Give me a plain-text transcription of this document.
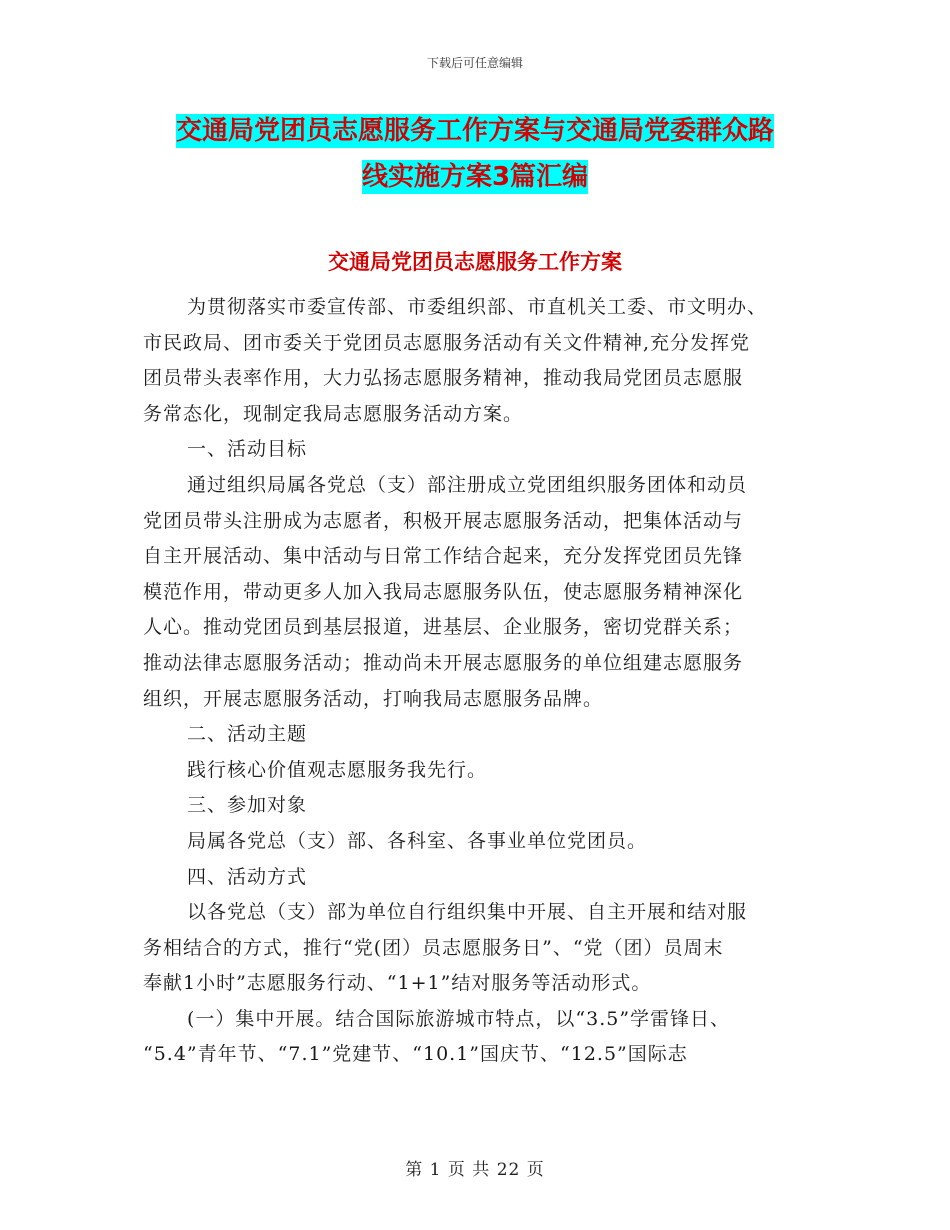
下载后可任意编辑
交通局党团员志愿服务工作方案与交通局党委群众路
线实施方案3篇汇编
交通局党团员志愿服务工作方案
为贯彻落实市委宣传部、市委组织部、市直机关工委、市文明办、
市民政局、团市委关于党团员志愿服务活动有关文件精神,充分发挥党
团员带头表率作用，大力弘扬志愿服务精神，推动我局党团员志愿服
务常态化，现制定我局志愿服务活动方案。
一、活动目标
通过组织局属各党总（支）部注册成立党团组织服务团体和动员
党团员带头注册成为志愿者，积极开展志愿服务活动，把集体活动与
自主开展活动、集中活动与日常工作结合起来，充分发挥党团员先锋
模范作用，带动更多人加入我局志愿服务队伍，使志愿服务精神深化
人心。推动党团员到基层报道，进基层、企业服务，密切党群关系；
推动法律志愿服务活动；推动尚未开展志愿服务的单位组建志愿服务
组织，开展志愿服务活动，打响我局志愿服务品牌。
二、活动主题
践行核心价值观志愿服务我先行。
三、参加对象
局属各党总（支）部、各科室、各事业单位党团员。
四、活动方式
以各党总（支）部为单位自行组织集中开展、自主开展和结对服
务相结合的方式，推行“党(团）员志愿服务日”、“党（团）员周末
奉献1小时”志愿服务行动、“1+1”结对服务等活动形式。
(一）集中开展。结合国际旅游城市特点，以“3.5”学雷锋日、
“5.4”青年节、“7.1”党建节、“10.1”国庆节、“12.5”国际志
第 1 页 共 22 页
